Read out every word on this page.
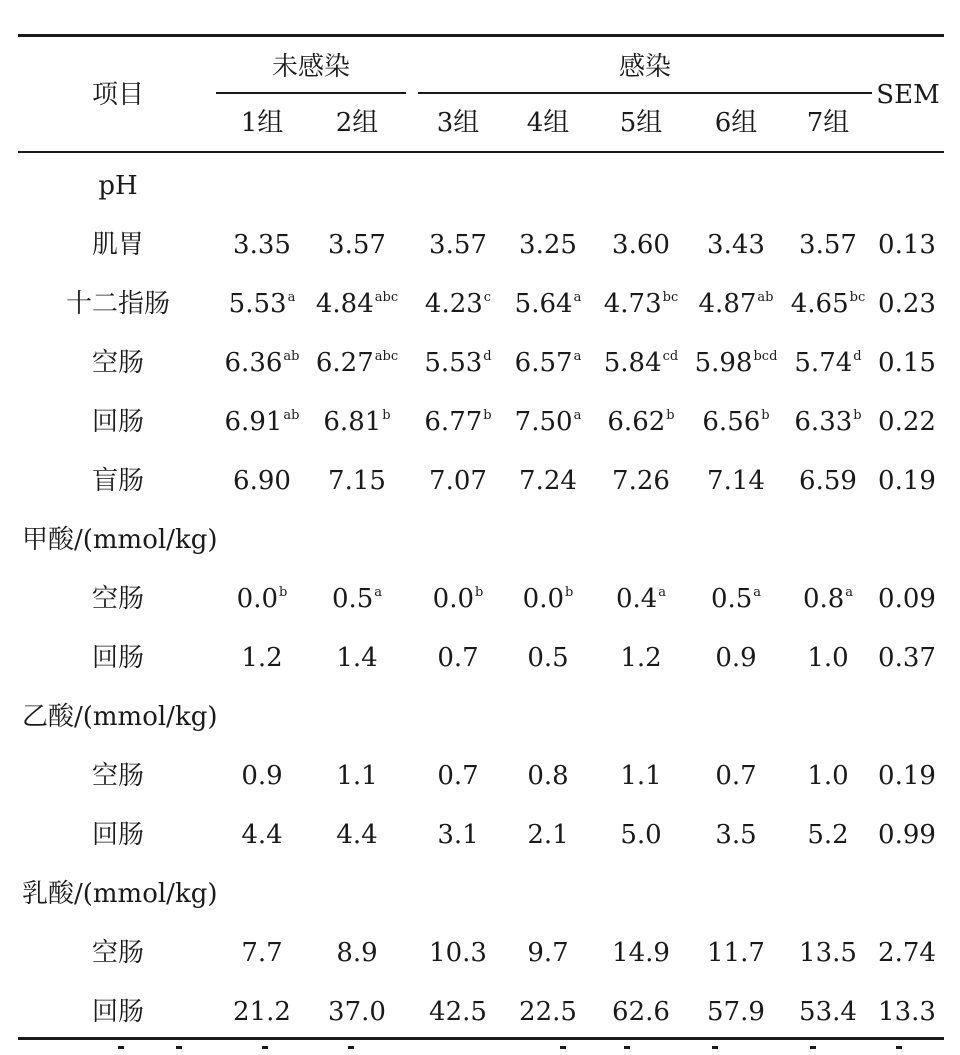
项目
未感染	感染
SEM
1组 2组 3组 4组 5组 6组 7组
pH
肌胃	3.35 3.57 3.57 3.25 3.60 3.43 3.57 0.13
十二指肠 5.53$^a$ 4.84$^{abc}$ 4.23$^c$ 5.64$^a$ 4.73$^{bc}$ 4.87$^{ab}$ 4.65$^{bc}$ 0.23
空肠	6.36$^{ab}$ 6.27$^{abc}$ 5.53$^d$ 6.57$^a$ 5.84$^{cd}$ 5.98$^{bcd}$ 5.74$^d$ 0.15
回肠	6.91$^{ab}$ 6.81$^b$ 6.77$^b$ 7.50$^a$ 6.62$^b$ 6.56$^b$ 6.33$^b$ 0.22
盲肠	6.90 7.15 7.07 7.24 7.26 7.14 6.59 0.19
甲酸/(mmol/kg)
空肠	0.0$^b$ 0.5$^a$ 0.0$^b$ 0.0$^b$ 0.4$^a$ 0.5$^a$ 0.8$^a$ 0.09
回肠	1.2 1.4 0.7 0.5 1.2 0.9 1.0 0.37
乙酸/(mmol/kg)
空肠	0.9 1.1 0.7 0.8 1.1 0.7 1.0 0.19
回肠	4.4 4.4 3.1 2.1 5.0 3.5 5.2 0.99
乳酸/(mmol/kg)
空肠	7.7 8.9 10.3 9.7 14.9 11.7 13.5 2.74
回肠	21.2 37.0 42.5 22.5 62.6 57.9 53.4 13.3
